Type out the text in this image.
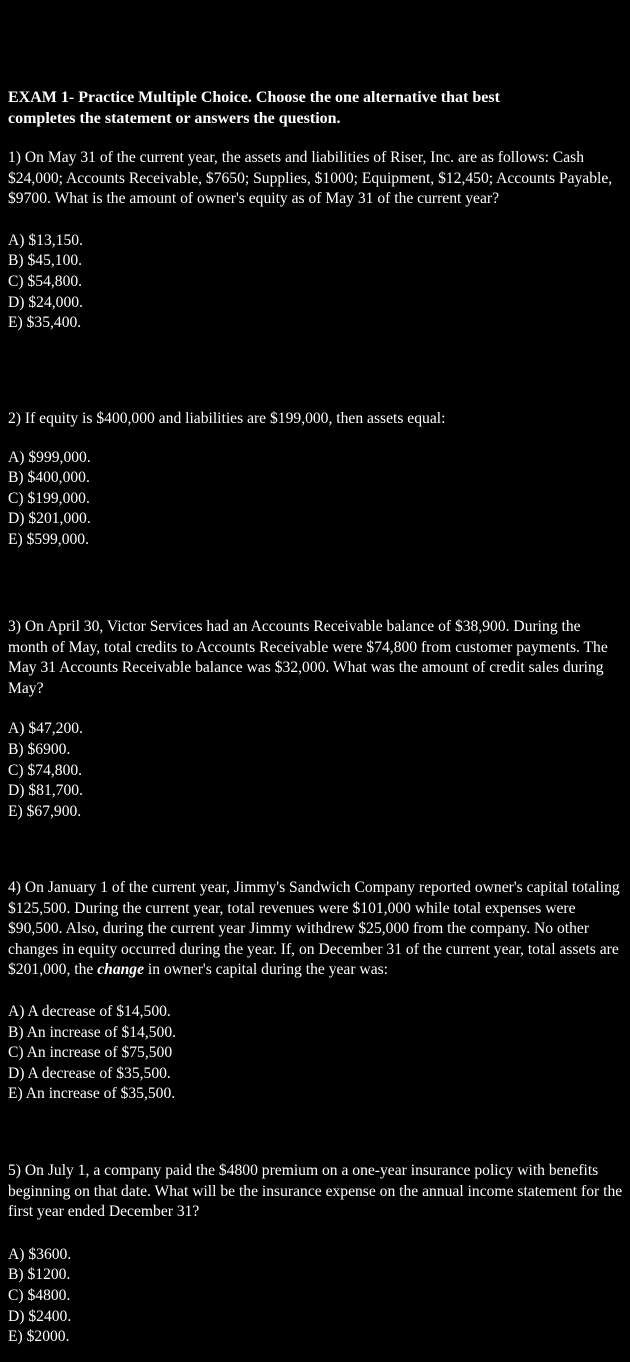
EXAM 1- Practice Multiple Choice. Choose the one alternative that best
completes the statement or answers the question.

1) On May 31 of the current year, the assets and liabilities of Riser, Inc. are as follows: Cash $24,000; Accounts Receivable, $7650; Supplies, $1000; Equipment, $12,450; Accounts Payable, $9700. What is the amount of owner's equity as of May 31 of the current year?

A) $13,150.
B) $45,100.
C) $54,800.
D) $24,000.
E) $35,400.

2) If equity is $400,000 and liabilities are $199,000, then assets equal:

A) $999,000.
B) $400,000.
C) $199,000.
D) $201,000.
E) $599,000.

3) On April 30, Victor Services had an Accounts Receivable balance of $38,900. During the month of May, total credits to Accounts Receivable were $74,800 from customer payments. The May 31 Accounts Receivable balance was $32,000. What was the amount of credit sales during May?

A) $47,200.
B) $6900.
C) $74,800.
D) $81,700.
E) $67,900.

4) On January 1 of the current year, Jimmy's Sandwich Company reported owner's capital totaling $125,500. During the current year, total revenues were $101,000 while total expenses were $90,500. Also, during the current year Jimmy withdrew $25,000 from the company. No other changes in equity occurred during the year. If, on December 31 of the current year, total assets are $201,000, the change in owner's capital during the year was:

A) A decrease of $14,500.
B) An increase of $14,500.
C) An increase of $75,500
D) A decrease of $35,500.
E) An increase of $35,500.

5) On July 1, a company paid the $4800 premium on a one-year insurance policy with benefits beginning on that date. What will be the insurance expense on the annual income statement for the first year ended December 31?

A) $3600.
B) $1200.
C) $4800.
D) $2400.
E) $2000.
